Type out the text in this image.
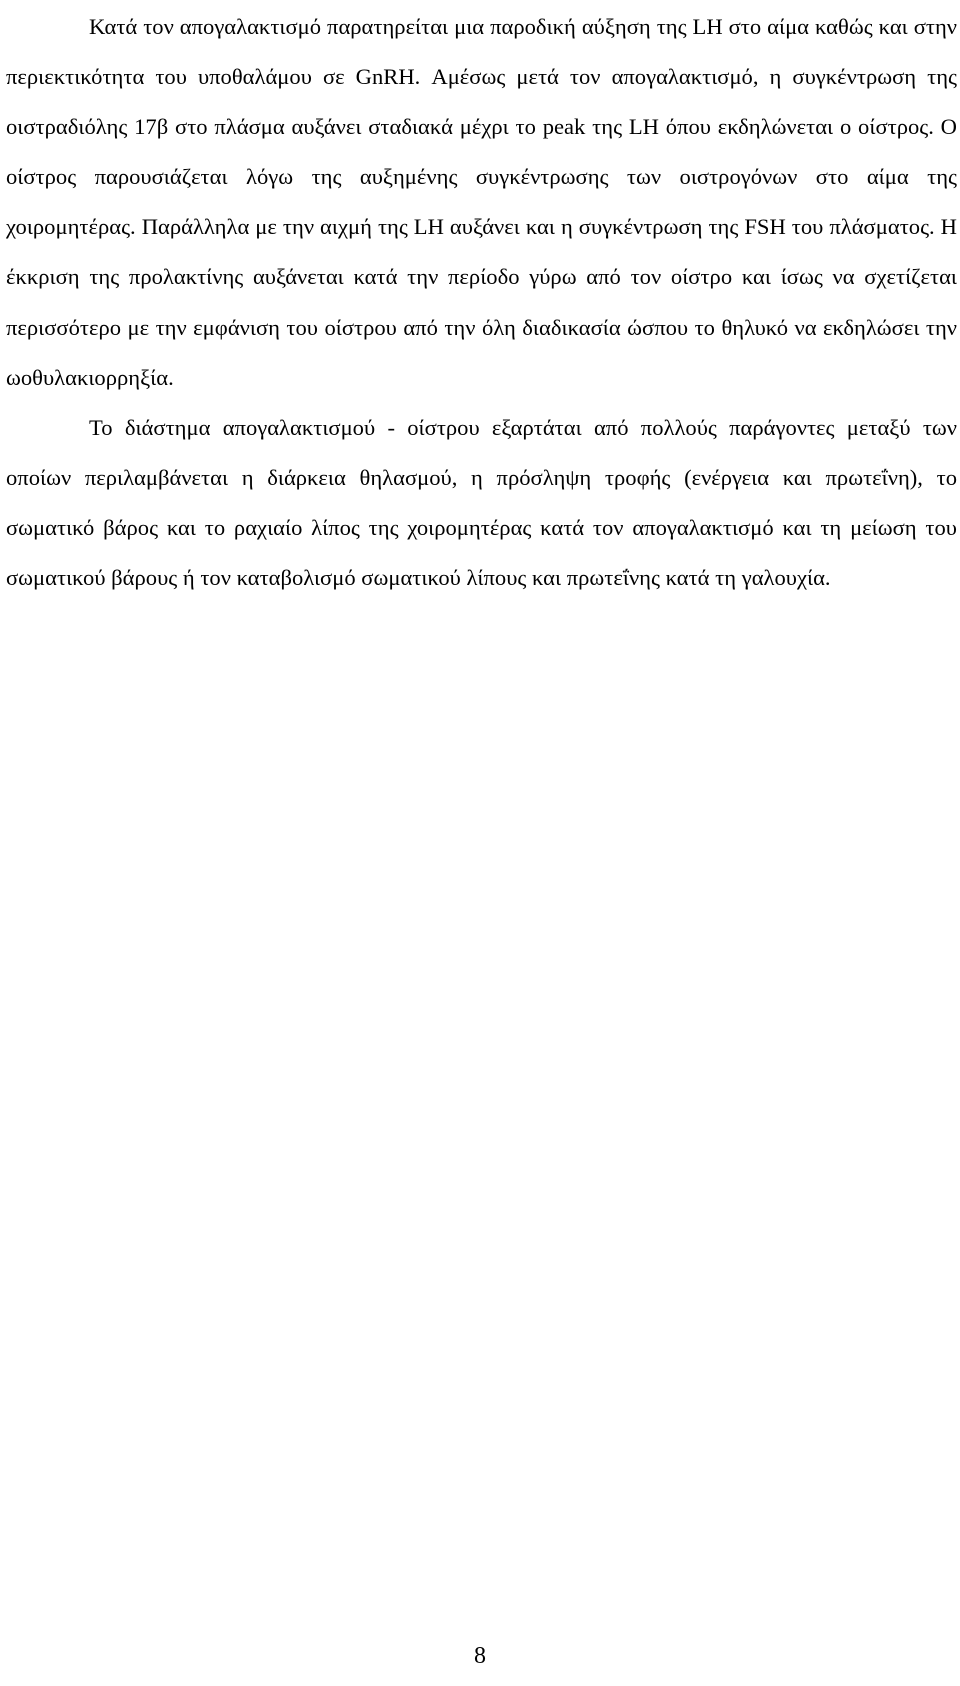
Κατά τον απογαλακτισμό παρατηρείται μια παροδική αύξηση της LH στο αίμα καθώς και στην περιεκτικότητα του υποθαλάμου σε GnRH. Αμέσως μετά τον απογαλακτισμό, η συγκέντρωση της οιστραδιόλης 17β στο πλάσμα αυξάνει σταδιακά μέχρι το peak της LH όπου εκδηλώνεται ο οίστρος. Ο οίστρος παρουσιάζεται λόγω της αυξημένης συγκέντρωσης των οιστρογόνων στο αίμα της χοιρομητέρας. Παράλληλα με την αιχμή της LH αυξάνει και η συγκέντρωση της FSH του πλάσματος. Η έκκριση της προλακτίνης αυξάνεται κατά την περίοδο γύρω από τον οίστρο και ίσως να σχετίζεται περισσότερο με την εμφάνιση του οίστρου από την όλη διαδικασία ώσπου το θηλυκό να εκδηλώσει την ωοθυλακιορρηξία.

Το διάστημα απογαλακτισμού - οίστρου εξαρτάται από πολλούς παράγοντες μεταξύ των οποίων περιλαμβάνεται η διάρκεια θηλασμού, η πρόσληψη τροφής (ενέργεια και πρωτεΐνη), το σωματικό βάρος και το ραχιαίο λίπος της χοιρομητέρας κατά τον απογαλακτισμό και τη μείωση του σωματικού βάρους ή τον καταβολισμό σωματικού λίπους και πρωτεΐνης κατά τη γαλουχία.

8
